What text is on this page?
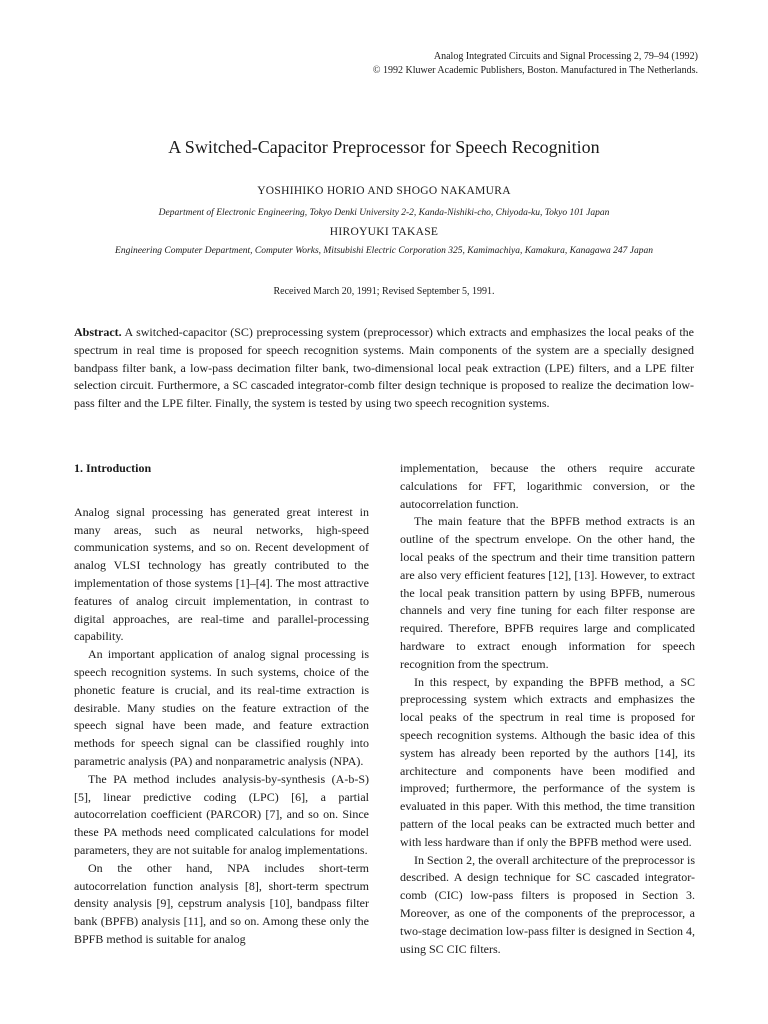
Analog Integrated Circuits and Signal Processing 2, 79–94 (1992)
© 1992 Kluwer Academic Publishers, Boston. Manufactured in The Netherlands.
A Switched-Capacitor Preprocessor for Speech Recognition
YOSHIHIKO HORIO AND SHOGO NAKAMURA
Department of Electronic Engineering, Tokyo Denki University 2-2, Kanda-Nishiki-cho, Chiyoda-ku, Tokyo 101 Japan
HIROYUKI TAKASE
Engineering Computer Department, Computer Works, Mitsubishi Electric Corporation 325, Kamimachiya, Kamakura, Kanagawa 247 Japan
Received March 20, 1991; Revised September 5, 1991.

Abstract. A switched-capacitor (SC) preprocessing system (preprocessor) which extracts and emphasizes the local peaks of the spectrum in real time is proposed for speech recognition systems. Main components of the system are a specially designed bandpass filter bank, a low-pass decimation filter bank, two-dimensional local peak extraction (LPE) filters, and a LPE filter selection circuit. Furthermore, a SC cascaded integrator-comb filter design technique is proposed to realize the decimation low-pass filter and the LPE filter. Finally, the system is tested by using two speech recognition systems.

1. Introduction

Analog signal processing has generated great interest in many areas, such as neural networks, high-speed communication systems, and so on. Recent development of analog VLSI technology has greatly contributed to the implementation of those systems [1]–[4]. The most attractive features of analog circuit implementation, in contrast to digital approaches, are real-time and parallel-processing capability.

An important application of analog signal processing is speech recognition systems. In such systems, choice of the phonetic feature is crucial, and its real-time extraction is desirable. Many studies on the feature extraction of the speech signal have been made, and feature extraction methods for speech signal can be classified roughly into parametric analysis (PA) and nonparametric analysis (NPA).

The PA method includes analysis-by-synthesis (A-b-S) [5], linear predictive coding (LPC) [6], a partial autocorrelation coefficient (PARCOR) [7], and so on. Since these PA methods need complicated calculations for model parameters, they are not suitable for analog implementations.

On the other hand, NPA includes short-term autocorrelation function analysis [8], short-term spectrum density analysis [9], cepstrum analysis [10], bandpass filter bank (BPFB) analysis [11], and so on. Among these only the BPFB method is suitable for analog

implementation, because the others require accurate calculations for FFT, logarithmic conversion, or the autocorrelation function.

The main feature that the BPFB method extracts is an outline of the spectrum envelope. On the other hand, the local peaks of the spectrum and their time transition pattern are also very efficient features [12], [13]. However, to extract the local peak transition pattern by using BPFB, numerous channels and very fine tuning for each filter response are required. Therefore, BPFB requires large and complicated hardware to extract enough information for speech recognition from the spectrum.

In this respect, by expanding the BPFB method, a SC preprocessing system which extracts and emphasizes the local peaks of the spectrum in real time is proposed for speech recognition systems. Although the basic idea of this system has already been reported by the authors [14], its architecture and components have been modified and improved; furthermore, the performance of the system is evaluated in this paper. With this method, the time transition pattern of the local peaks can be extracted much better and with less hardware than if only the BPFB method were used.

In Section 2, the overall architecture of the preprocessor is described. A design technique for SC cascaded integrator-comb (CIC) low-pass filters is proposed in Section 3. Moreover, as one of the components of the preprocessor, a two-stage decimation low-pass filter is designed in Section 4, using SC CIC filters.
